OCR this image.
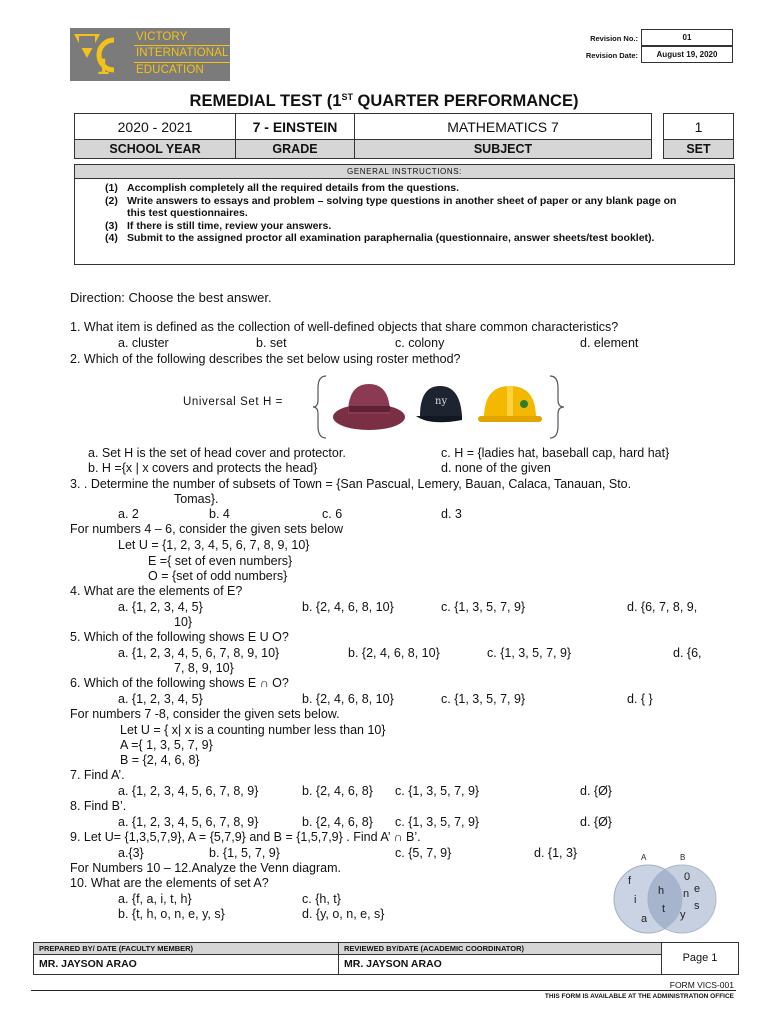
1
VICTORY
INTERNATIONAL
EDUCATION
Revision No.:	01
Revision Date:	August 19, 2020
REMEDIAL TEST (1ST QUARTER PERFORMANCE)
2020 - 2021	7 - EINSTEIN	MATHEMATICS 7	1
SCHOOL YEAR	GRADE	SUBJECT	SET
GENERAL INSTRUCTIONS:
(1) Accomplish completely all the required details from the questions.
(2) Write answers to essays and problem – solving type questions in another sheet of paper or any blank page on this test questionnaires.
(3) If there is still time, review your answers.
(4) Submit to the assigned proctor all examination paraphernalia (questionnaire, answer sheets/test booklet).
Direction: Choose the best answer.
1. What item is defined as the collection of well-defined objects that share common characteristics?
a. cluster	b. set	c. colony	d. element
2. Which of the following describes the set below using roster method?
Universal Set H =	ny
a. Set H is the set of head cover and protector.	c. H = {ladies hat, baseball cap, hard hat}
b. H ={x | x covers and protects the head}	d. none of the given
3. . Determine the number of subsets of Town = {San Pascual, Lemery, Bauan, Calaca, Tanauan, Sto.
Tomas}.
a. 2	b. 4	c. 6	d. 3
For numbers 4 – 6, consider the given sets below
Let U = {1, 2, 3, 4, 5, 6, 7, 8, 9, 10}
E ={ set of even numbers}
O = {set of odd numbers}
4. What are the elements of E?
a. {1, 2, 3, 4, 5}	b. {2, 4, 6, 8, 10}	c. {1, 3, 5, 7, 9}	d. {6, 7, 8, 9,
10}
5. Which of the following shows E U O?
a. {1, 2, 3, 4, 5, 6, 7, 8, 9, 10}	b. {2, 4, 6, 8, 10}	c. {1, 3, 5, 7, 9}	d. {6,
7, 8, 9, 10}
6. Which of the following shows E ∩ O?
a. {1, 2, 3, 4, 5}	b. {2, 4, 6, 8, 10}	c. {1, 3, 5, 7, 9}	d. { }
For numbers 7 -8, consider the given sets below.
Let U = { x| x is a counting number less than 10}
A ={ 1, 3, 5, 7, 9}
B = {2, 4, 6, 8}
7. Find A’.
a. {1, 2, 3, 4, 5, 6, 7, 8, 9}	b. {2, 4, 6, 8} c. {1, 3, 5, 7, 9}	d. {Ø}
8. Find B’.
a. {1, 2, 3, 4, 5, 6, 7, 8, 9}	b. {2, 4, 6, 8} c. {1, 3, 5, 7, 9}	d. {Ø}
9. Let U= {1,3,5,7,9}, A = {5,7,9} and B = {1,5,7,9} . Find A’ ∩ B’.
a.{3}	b. {1, 5, 7, 9}	c. {5, 7, 9}	d. {1, 3}
For Numbers 10 – 12.Analyze the Venn diagram.
10. What are the elements of set A?
a. {f, a, i, t, h}	c. {h, t}
b. {t, h, o, n, e, y, s}	d. {y, o, n, e, s}
A	B
f
i
a
h
t
0
n e
s
y
PREPARED BY/ DATE (FACULTY MEMBER)
MR. JAYSON ARAO
REVIEWED BY/DATE (ACADEMIC COORDINATOR)
MR. JAYSON ARAO	Page 1
FORM VICS-001
THIS FORM IS AVAILABLE AT THE ADMINISTRATION OFFICE
